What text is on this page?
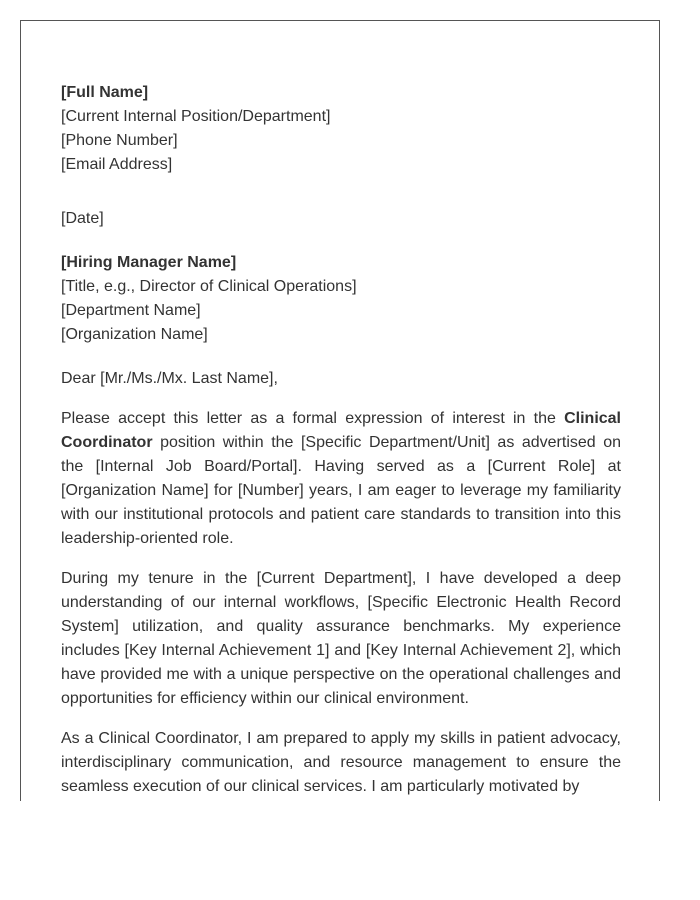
[Full Name]
[Current Internal Position/Department]
[Phone Number]
[Email Address]
[Date]
[Hiring Manager Name]
[Title, e.g., Director of Clinical Operations]
[Department Name]
[Organization Name]
Dear [Mr./Ms./Mx. Last Name],

Please accept this letter as a formal expression of interest in the Clinical Coordinator position within the [Specific Department/Unit] as advertised on the [Internal Job Board/Portal]. Having served as a [Current Role] at [Organization Name] for [Number] years, I am eager to leverage my familiarity with our institutional protocols and patient care standards to transition into this leadership-oriented role.

During my tenure in the [Current Department], I have developed a deep understanding of our internal workflows, [Specific Electronic Health Record System] utilization, and quality assurance benchmarks. My experience includes [Key Internal Achievement 1] and [Key Internal Achievement 2], which have provided me with a unique perspective on the operational challenges and opportunities for efficiency within our clinical environment.

As a Clinical Coordinator, I am prepared to apply my skills in patient advocacy, interdisciplinary communication, and resource management to ensure the seamless execution of our clinical services. I am particularly motivated by
